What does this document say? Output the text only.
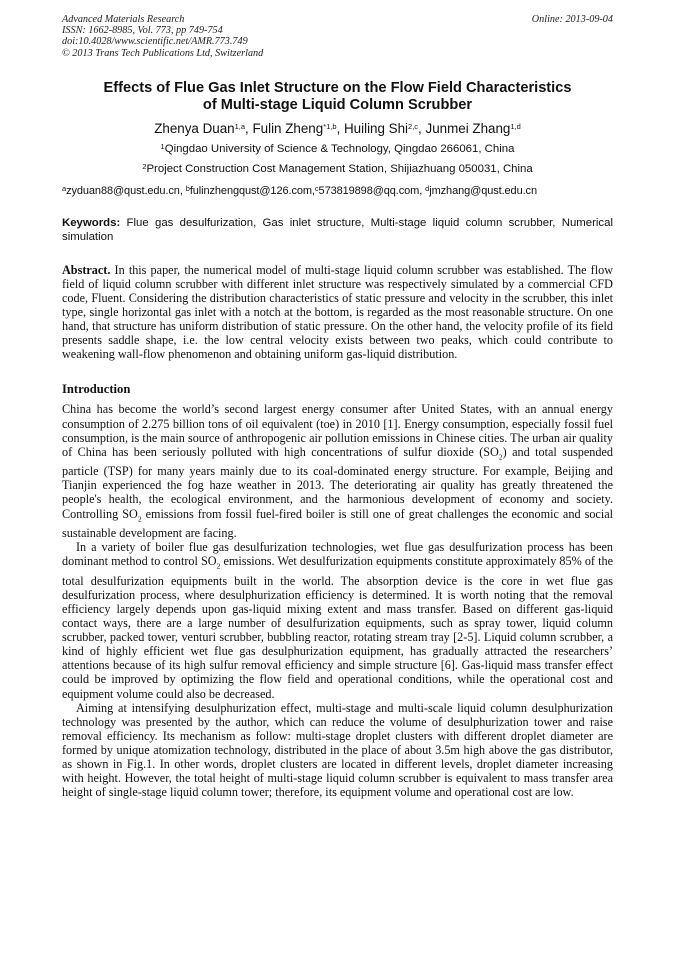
Advanced Materials Research
ISSN: 1662-8985, Vol. 773, pp 749-754
doi:10.4028/www.scientific.net/AMR.773.749
© 2013 Trans Tech Publications Ltd, Switzerland
Online: 2013-09-04
Effects of Flue Gas Inlet Structure on the Flow Field Characteristics
of Multi-stage Liquid Column Scrubber
Zhenya Duan$^{1,a}$, Fulin Zheng$^{*1,b}$, Huiling Shi$^{2,c}$, Junmei Zhang$^{1,d}$
$^1$Qingdao University of Science & Technology, Qingdao 266061, China
$^2$Project Construction Cost Management Station, Shijiazhuang 050031, China
$^a$zyduan88@qust.edu.cn, $^b$fulinzhengqust@126.com,$^c$573819898@qq.com, $^d$jmzhang@qust.edu.cn
Keywords: Flue gas desulfurization, Gas inlet structure, Multi-stage liquid column scrubber, Numerical simulation
Abstract. In this paper, the numerical model of multi-stage liquid column scrubber was established. The flow field of liquid column scrubber with different inlet structure was respectively simulated by a commercial CFD code, Fluent. Considering the distribution characteristics of static pressure and velocity in the scrubber, this inlet type, single horizontal gas inlet with a notch at the bottom, is regarded as the most reasonable structure. On one hand, that structure has uniform distribution of static pressure. On the other hand, the velocity profile of its field presents saddle shape, i.e. the low central velocity exists between two peaks, which could contribute to weakening wall-flow phenomenon and obtaining uniform gas-liquid distribution.
Introduction

China has become the world’s second largest energy consumer after United States, with an annual energy consumption of 2.275 billion tons of oil equivalent (toe) in 2010 [1]. Energy consumption, especially fossil fuel consumption, is the main source of anthropogenic air pollution emissions in Chinese cities. The urban air quality of China has been seriously polluted with high concentrations of sulfur dioxide $(SO_2)$ and total suspended particle (TSP) for many years mainly due to its coal-dominated energy structure. For example, Beijing and Tianjin experienced the fog haze weather in 2013. The deteriorating air quality has greatly threatened the people's health, the ecological environment, and the harmonious development of economy and society. Controlling $SO_2$ emissions from fossil fuel-fired boiler is still one of great challenges the economic and social sustainable development are facing.

In a variety of boiler flue gas desulfurization technologies, wet flue gas desulfurization process has been dominant method to control $SO_2$ emissions. Wet desulfurization equipments constitute approximately 85% of the total desulfurization equipments built in the world. The absorption device is the core in wet flue gas desulfurization process, where desulphurization efficiency is determined. It is worth noting that the removal efficiency largely depends upon gas-liquid mixing extent and mass transfer. Based on different gas-liquid contact ways, there are a large number of desulfurization equipments, such as spray tower, liquid column scrubber, packed tower, venturi scrubber, bubbling reactor, rotating stream tray [2-5]. Liquid column scrubber, a kind of highly efficient wet flue gas desulphurization equipment, has gradually attracted the researchers’ attentions because of its high sulfur removal efficiency and simple structure [6]. Gas-liquid mass transfer effect could be improved by optimizing the flow field and operational conditions, while the operational cost and equipment volume could also be decreased.

Aiming at intensifying desulphurization effect, multi-stage and multi-scale liquid column desulphurization technology was presented by the author, which can reduce the volume of desulphurization tower and raise removal efficiency. Its mechanism as follow: multi-stage droplet clusters with different droplet diameter are formed by unique atomization technology, distributed in the place of about 3.5m high above the gas distributor, as shown in Fig.1. In other words, droplet clusters are located in different levels, droplet diameter increasing with height. However, the total height of multi-stage liquid column scrubber is equivalent to mass transfer area height of single-stage liquid column tower; therefore, its equipment volume and operational cost are low.
